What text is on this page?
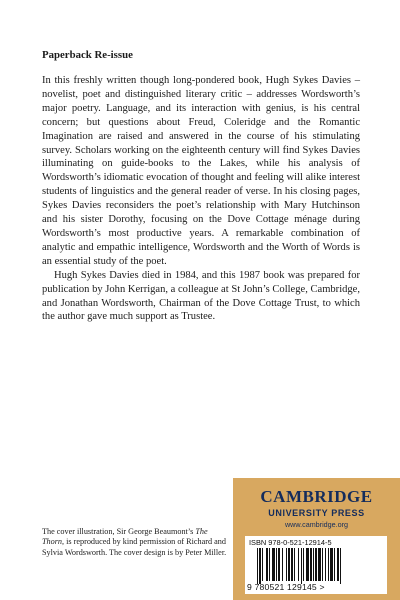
Paperback Re-issue

In this freshly written though long-pondered book, Hugh Sykes Davies – novelist, poet and distinguished literary critic – addresses Wordsworth’s major poetry. Language, and its interaction with genius, is his central concern; but questions about Freud, Coleridge and the Romantic Imagination are raised and answered in the course of his stimulating survey. Scholars working on the eighteenth century will find Sykes Davies illuminating on guide-books to the Lakes, while his analysis of Wordsworth’s idiomatic evocation of thought and feeling will alike interest students of linguistics and the general reader of verse. In his closing pages, Sykes Davies reconsiders the poet’s relationship with Mary Hutchinson and his sister Dorothy, focusing on the Dove Cottage ménage during Wordsworth’s most productive years. A remarkable combination of analytic and empathic intelligence, Wordsworth and the Worth of Words is an essential study of the poet.

Hugh Sykes Davies died in 1984, and this 1987 book was prepared for publication by John Kerrigan, a colleague at St John’s College, Cambridge, and Jonathan Wordsworth, Chairman of the Dove Cottage Trust, to which the author gave much support as Trustee.

The cover illustration, Sir George Beaumont’s The Thorn, is reproduced by kind permission of Richard and Sylvia Wordsworth. The cover design is by Peter Miller.
CAMBRIDGE
UNIVERSITY PRESS
www.cambridge.org
ISBN 978-0-521-12914-5
9 780521 129145 >
